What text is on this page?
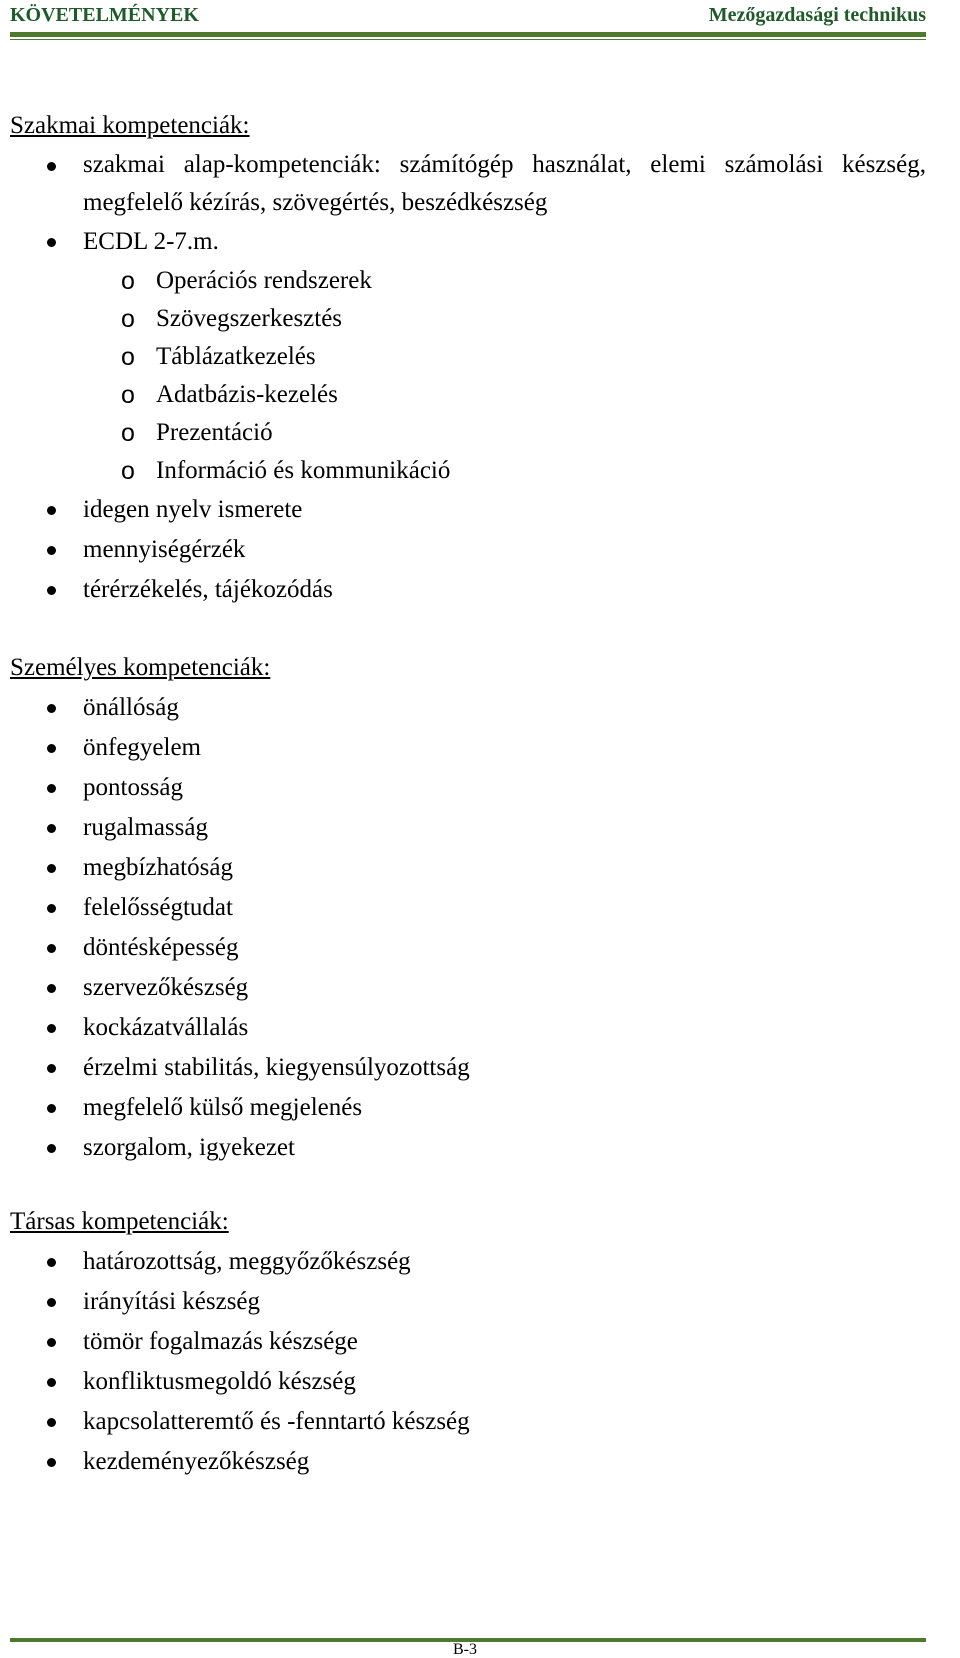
KÖVETELMÉNYEK	Mezőgazdasági technikus

Szakmai kompetenciák:

szakmai alap-kompetenciák: számítógép használat, elemi számolási készség, megfelelő kézírás, szövegértés, beszédkészség
ECDL 2-7.m.
o Operációs rendszerek
o Szövegszerkesztés
o Táblázatkezelés
o Adatbázis-kezelés
o Prezentáció
o Információ és kommunikáció
idegen nyelv ismerete
mennyiségérzék
térérzékelés, tájékozódás

Személyes kompetenciák:

önállóság
önfegyelem
pontosság
rugalmasság
megbízhatóság
felelősségtudat
döntésképesség
szervezőkészség
kockázatvállalás
érzelmi stabilitás, kiegyensúlyozottság
megfelelő külső megjelenés
szorgalom, igyekezet

Társas kompetenciák:

határozottság, meggyőzőkészség
irányítási készség
tömör fogalmazás készsége
konfliktusmegoldó készség
kapcsolatteremtő és -fenntartó készség
kezdeményezőkészség
B-3
